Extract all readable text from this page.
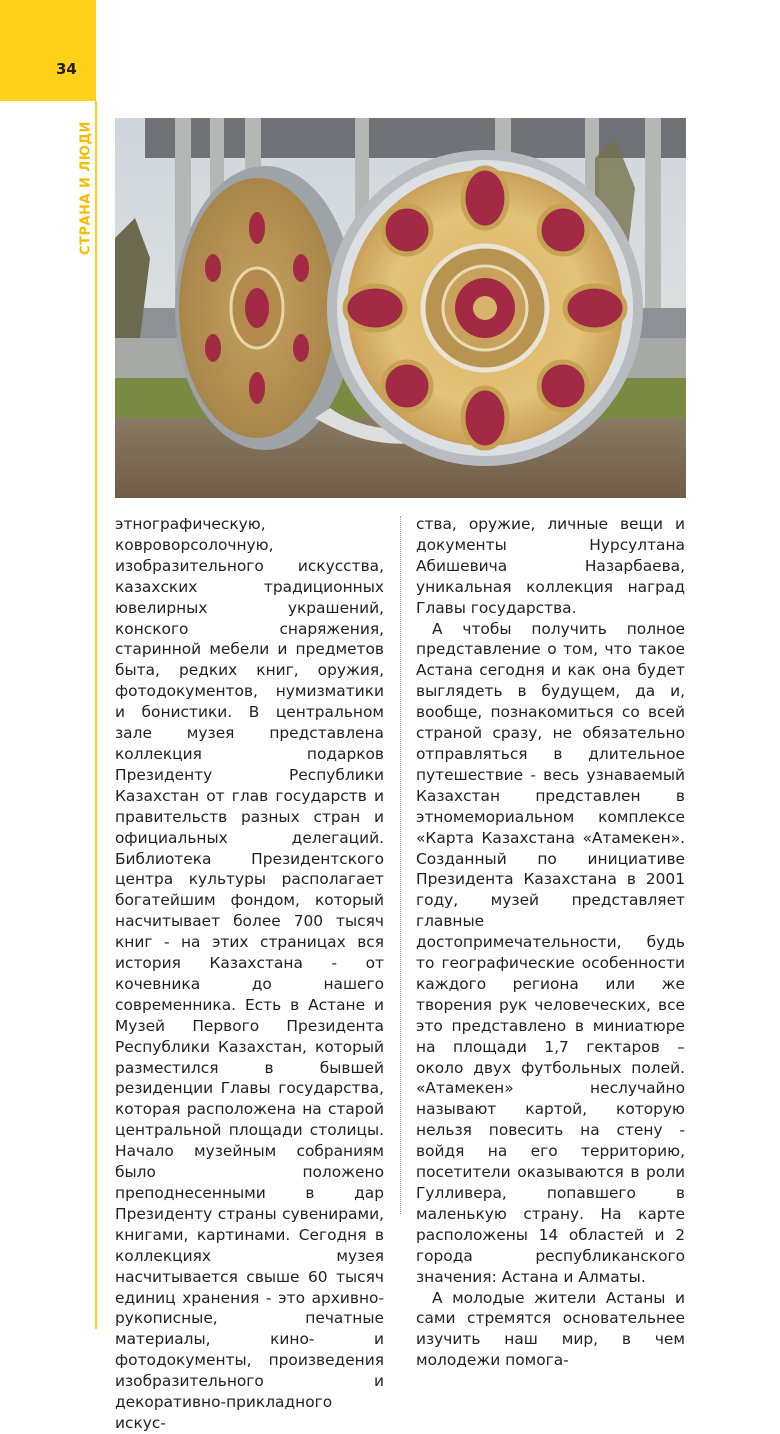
34
СТРАНА И ЛЮДИ

этнографическую, ковроворсолочную, изобразительного искусства, казахских традиционных ювелирных украшений, конского снаряжения, старинной мебели и предметов быта, редких книг, оружия, фотодокументов, нумизматики и бонистики. В центральном зале музея представлена коллекция подарков Президенту Республики Казахстан от глав государств и правительств разных стран и официальных делегаций. Библиотека Президентского центра культуры располагает богатейшим фондом, который насчитывает более 700 тысяч книг - на этих страницах вся история Казахстана - от кочевника до нашего современника. Есть в Астане и Музей Первого Президента Республики Казахстан, который разместился в бывшей резиденции Главы государства, которая расположена на старой центральной площади столицы. Начало музейным собраниям было положено преподнесенными в дар Президенту страны сувенирами, книгами, картинами. Сегодня в коллекциях музея насчитывается свыше 60 тысяч единиц хранения - это архивно-рукописные, печатные материалы, кино- и фотодокументы, произведения изобразительного и декоративно-прикладного искус-

ства, оружие, личные вещи и документы Нурсултана Абишевича Назарбаева, уникальная коллекция наград Главы государства.

А чтобы получить полное представление о том, что такое Астана сегодня и как она будет выглядеть в будущем, да и, вообще, познакомиться со всей страной сразу, не обязательно отправляться в длительное путешествие - весь узнаваемый Казахстан представлен в этномемориальном комплексе «Карта Казахстана «Атамекен». Созданный по инициативе Президента Казахстана в 2001 году, музей представляет главные достопримечательности, будь то географические особенности каждого региона или же творения рук человеческих, все это представлено в миниатюре на площади 1,7 гектаров – около двух футбольных полей. «Атамекен» неслучайно называют картой, которую нельзя повесить на стену - войдя на его территорию, посетители оказываются в роли Гулливера, попавшего в маленькую страну. На карте расположены 14 областей и 2 города республиканского значения: Астана и Алматы.

А молодые жители Астаны и сами стремятся основательнее изучить наш мир, в чем молодежи помога-
